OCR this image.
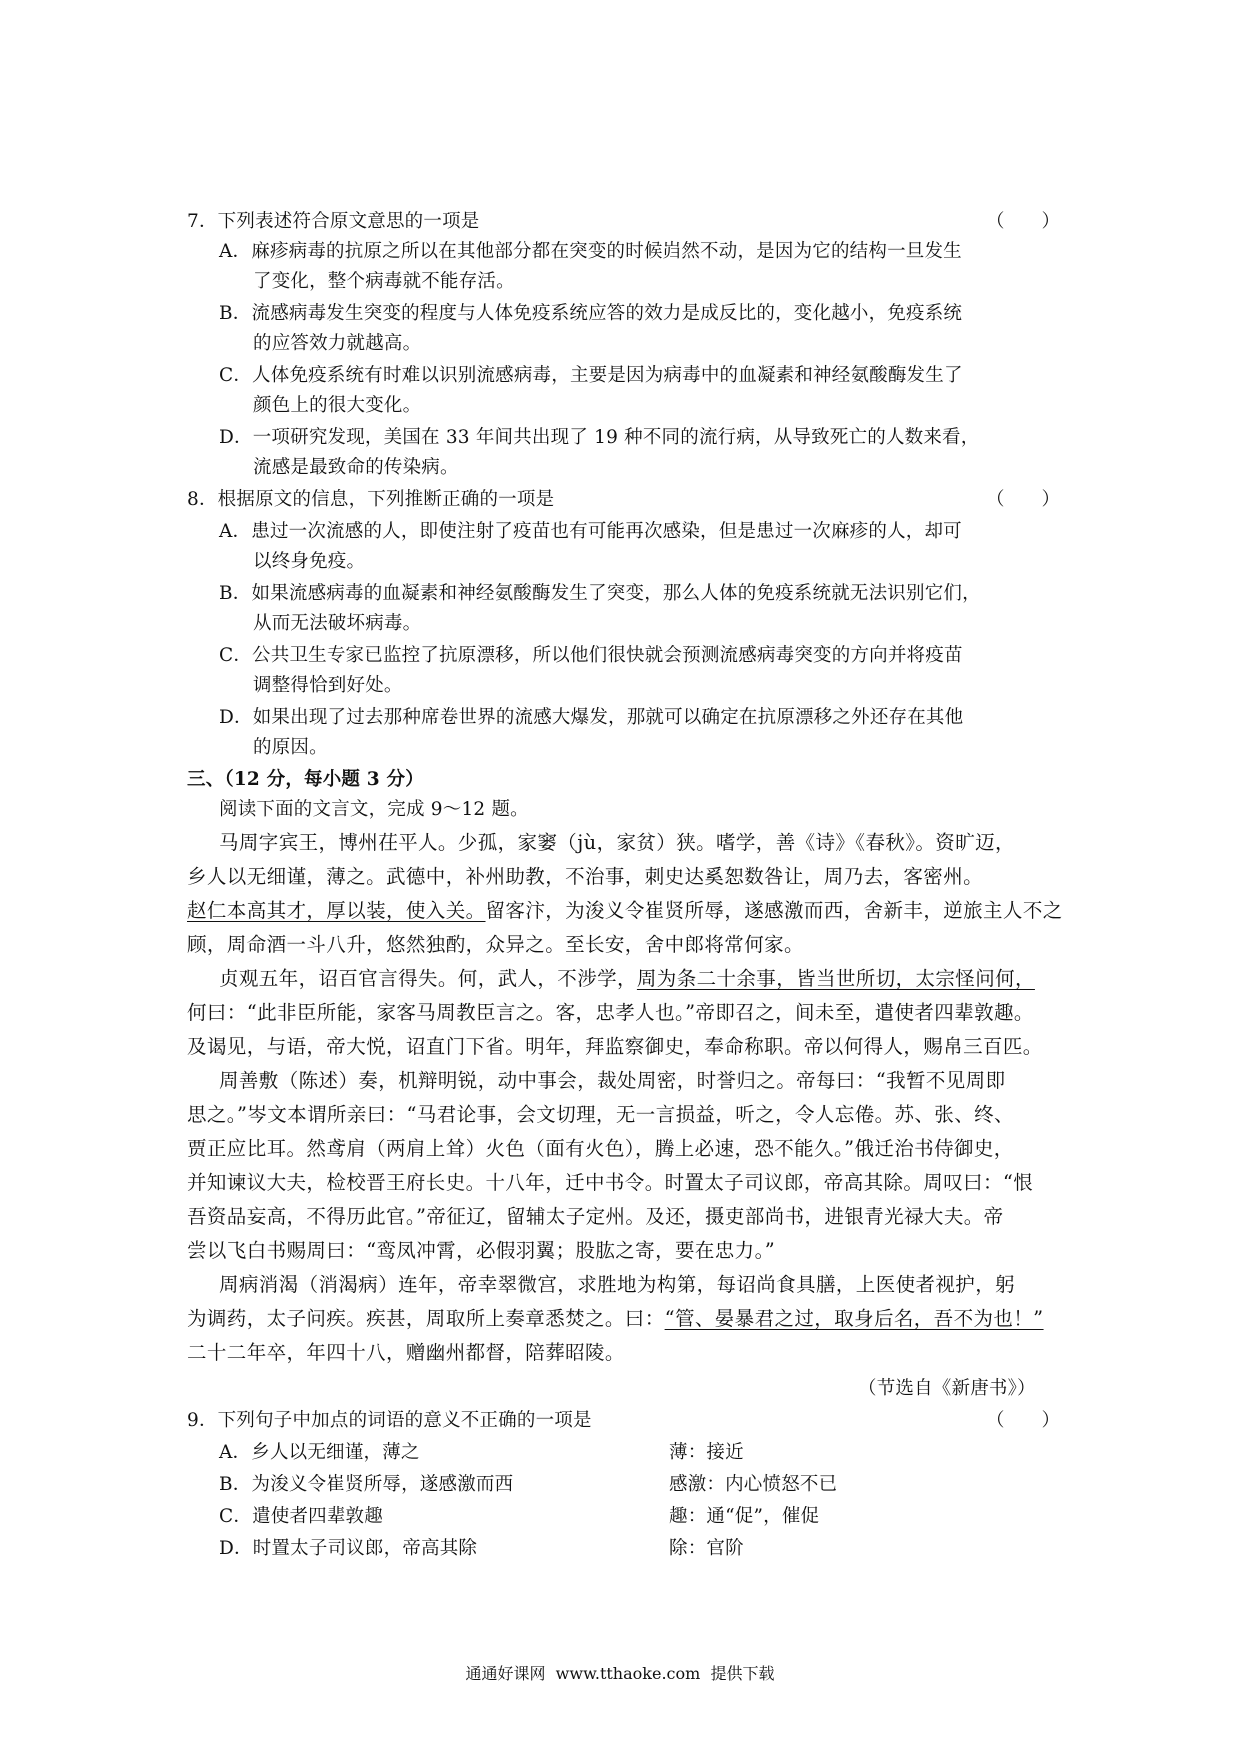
7．下列表述符合原文意思的一项是	（　　）
A．麻疹病毒的抗原之所以在其他部分都在突变的时候岿然不动，是因为它的结构一旦发生
了变化，整个病毒就不能存活。
B．流感病毒发生突变的程度与人体免疫系统应答的效力是成反比的，变化越小，免疫系统
的应答效力就越高。
C．人体免疫系统有时难以识别流感病毒，主要是因为病毒中的血凝素和神经氨酸酶发生了
颜色上的很大变化。
D．一项研究发现，美国在 33 年间共出现了 19 种不同的流行病，从导致死亡的人数来看，
流感是最致命的传染病。
8．根据原文的信息，下列推断正确的一项是	（　　）
A．患过一次流感的人，即使注射了疫苗也有可能再次感染，但是患过一次麻疹的人，却可
以终身免疫。
B．如果流感病毒的血凝素和神经氨酸酶发生了突变，那么人体的免疫系统就无法识别它们，
从而无法破坏病毒。
C．公共卫生专家已监控了抗原漂移，所以他们很快就会预测流感病毒突变的方向并将疫苗
调整得恰到好处。
D．如果出现了过去那种席卷世界的流感大爆发，那就可以确定在抗原漂移之外还存在其他
的原因。
三、（12 分，每小题 3 分）
阅读下面的文言文，完成 9～12 题。
马周字宾王，博州茌平人。少孤，家窭（jù，家贫）狭。嗜学，善《诗》《春秋》。资旷迈，
乡人以无细谨，薄之。武德中，补州助教，不治事，刺史达奚恕数咎让，周乃去，客密州。
赵仁本高其才，厚以装，使入关。留客汴，为浚义令崔贤所辱，遂感激而西，舍新丰，逆旅主人不之
顾，周命酒一斗八升，悠然独酌，众异之。至长安，舍中郎将常何家。
贞观五年，诏百官言得失。何，武人，不涉学，周为条二十余事，皆当世所切，太宗怪问何，
何曰：“此非臣所能，家客马周教臣言之。客，忠孝人也。”帝即召之，间未至，遣使者四辈敦趣。
及谒见，与语，帝大悦，诏直门下省。明年，拜监察御史，奉命称职。帝以何得人，赐帛三百匹。
周善敷（陈述）奏，机辩明锐，动中事会，裁处周密，时誉归之。帝每曰：“我暂不见周即
思之。”岑文本谓所亲曰：“马君论事，会文切理，无一言损益，听之，令人忘倦。苏、张、终、
贾正应比耳。然鸢肩（两肩上耸）火色（面有火色），腾上必速，恐不能久。”俄迁治书侍御史，
并知谏议大夫，检校晋王府长史。十八年，迁中书令。时置太子司议郎，帝高其除。周叹曰：“恨
吾资品妄高，不得历此官。”帝征辽，留辅太子定州。及还，摄吏部尚书，进银青光禄大夫。帝
尝以飞白书赐周曰：“鸾凤冲霄，必假羽翼；股肱之寄，要在忠力。”
周病消渴（消渴病）连年，帝幸翠微宫，求胜地为构第，每诏尚食具膳，上医使者视护，躬
为调药，太子问疾。疾甚，周取所上奏章悉焚之。曰：“管、晏暴君之过，取身后名，吾不为也！”
二十二年卒，年四十八，赠幽州都督，陪葬昭陵。
（节选自《新唐书》）
9．下列句子中加点的词语的意义不正确的一项是	（　　）
A．乡人以无细谨，薄之	薄：接近
B．为浚义令崔贤所辱，遂感激而西	感激：内心愤怒不已
C．遣使者四辈敦趣	趣：通“促”，催促
D．时置太子司议郎，帝高其除	除：官阶
通通好课网  www.tthaoke.com  提供下载
